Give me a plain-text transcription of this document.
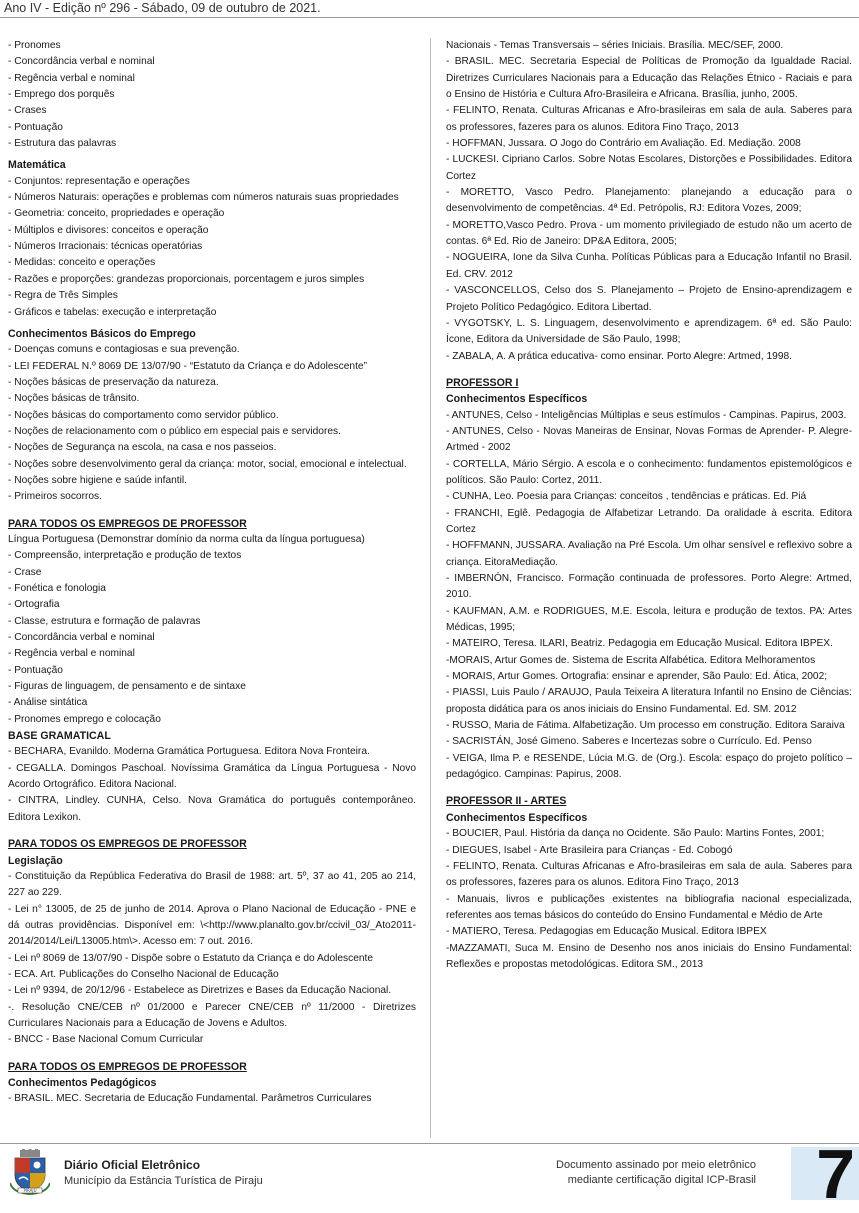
Ano IV - Edição nº 296 - Sábado, 09 de outubro de 2021.

- Pronomes

- Concordância verbal e nominal

- Regência verbal e nominal

- Emprego dos porquês

- Crases

- Pontuação

- Estrutura das palavras

Matemática

- Conjuntos: representação e operações

- Números Naturais: operações e problemas com números naturais suas propriedades

- Geometria: conceito, propriedades e operação

- Múltiplos e divisores: conceitos e operação

- Números Irracionais: técnicas operatórias

- Medidas: conceito e operações

- Razões e proporções: grandezas proporcionais, porcentagem e juros simples

- Regra de Três Simples

- Gráficos e tabelas: execução e interpretação

Conhecimentos Básicos do Emprego

- Doenças comuns e contagiosas e sua prevenção.

- LEI FEDERAL N.º 8069 DE 13/07/90 - “Estatuto da Criança e do Adolescente”

- Noções básicas de preservação da natureza.

- Noções básicas de trânsito.

- Noções básicas do comportamento como servidor público.

- Noções de relacionamento com o público em especial pais e servidores.

- Noções de Segurança na escola, na casa e nos passeios.

- Noções sobre desenvolvimento geral da criança: motor, social, emocional e intelectual.

- Noções sobre higiene e saúde infantil.

- Primeiros socorros.

PARA TODOS OS EMPREGOS DE PROFESSOR

Língua Portuguesa (Demonstrar domínio da norma culta da língua portuguesa)

- Compreensão, interpretação e produção de textos

- Crase

- Fonética e fonologia

- Ortografia

- Classe, estrutura e formação de palavras

- Concordância verbal e nominal

- Regência verbal e nominal

- Pontuação

- Figuras de linguagem, de pensamento e de sintaxe

- Análise sintática

- Pronomes emprego e colocação

BASE GRAMATICAL

- BECHARA, Evanildo. Moderna Gramática Portuguesa. Editora Nova Fronteira.

- CEGALLA. Domingos Paschoal. Novíssima Gramática da Língua Portuguesa - Novo Acordo Ortográfico. Editora Nacional.

- CINTRA, Lindley. CUNHA, Celso. Nova Gramática do português contemporâneo. Editora Lexikon.

PARA TODOS OS EMPREGOS DE PROFESSOR

Legislação

- Constituição da República Federativa do Brasil de 1988: art. 5º, 37 ao 41, 205 ao 214, 227 ao 229.

- Lei n° 13005, de 25 de junho de 2014. Aprova o Plano Nacional de Educação - PNE e dá outras providências. Disponível em: \<http://www.planalto.gov.br/ccivil_03/_Ato2011- 2014/2014/Lei/L13005.htm\>. Acesso em: 7 out. 2016.

- Lei nº 8069 de 13/07/90 - Dispõe sobre o Estatuto da Criança e do Adolescente

- ECA. Art. Publicações do Conselho Nacional de Educação

- Lei nº 9394, de 20/12/96 - Estabelece as Diretrizes e Bases da Educação Nacional.

-. Resolução CNE/CEB nº 01/2000 e Parecer CNE/CEB nº 11/2000 - Diretrizes Curriculares Nacionais para a Educação de Jovens e Adultos.

- BNCC - Base Nacional Comum Curricular

PARA TODOS OS EMPREGOS DE PROFESSOR

Conhecimentos Pedagógicos

- BRASIL. MEC. Secretaria de Educação Fundamental. Parâmetros Curriculares

Nacionais - Temas Transversais – séries Iniciais. Brasília. MEC/SEF, 2000.

- BRASIL. MEC. Secretaria Especial de Políticas de Promoção da Igualdade Racial. Diretrizes Curriculares Nacionais para a Educação das Relações Étnico - Raciais e para o Ensino de História e Cultura Afro-Brasileira e Africana. Brasília, junho, 2005.

- FELINTO, Renata. Culturas Africanas e Afro-brasileiras em sala de aula. Saberes para os professores, fazeres para os alunos. Editora Fino Traço, 2013

- HOFFMAN, Jussara. O Jogo do Contrário em Avaliação. Ed. Mediação. 2008

- LUCKESI. Cipriano Carlos. Sobre Notas Escolares, Distorções e Possibilidades. Editora Cortez

- MORETTO, Vasco Pedro. Planejamento: planejando a educação para o desenvolvimento de competências. 4ª Ed. Petrópolis, RJ: Editora Vozes, 2009;

- MORETTO,Vasco Pedro. Prova - um momento privilegiado de estudo não um acerto de contas. 6ª Ed. Rio de Janeiro: DP&A Editora, 2005;

- NOGUEIRA, Ione da Silva Cunha. Políticas Públicas para a Educação Infantil no Brasil. Ed. CRV. 2012

- VASCONCELLOS, Celso dos S. Planejamento – Projeto de Ensino-aprendizagem e Projeto Político Pedagógico. Editora Libertad.

- VYGOTSKY, L. S. Linguagem, desenvolvimento e aprendizagem. 6ª ed. São Paulo: Ícone, Editora da Universidade de São Paulo, 1998;

- ZABALA, A. A prática educativa- como ensinar. Porto Alegre: Artmed, 1998.

PROFESSOR I

Conhecimentos Específicos

- ANTUNES, Celso - Inteligências Múltiplas e seus estímulos - Campinas. Papirus, 2003.

- ANTUNES, Celso - Novas Maneiras de Ensinar, Novas Formas de Aprender- P. Alegre- Artmed - 2002

- CORTELLA, Mário Sérgio. A escola e o conhecimento: fundamentos epistemológicos e políticos. São Paulo: Cortez, 2011.

- CUNHA, Leo. Poesia para Crianças: conceitos , tendências e práticas. Ed. Piá

- FRANCHI, Eglê. Pedagogia de Alfabetizar Letrando. Da oralidade à escrita. Editora Cortez

- HOFFMANN, JUSSARA. Avaliação na Pré Escola. Um olhar sensível e reflexivo sobre a criança. EitoraMediação.

- IMBERNÓN, Francisco. Formação continuada de professores. Porto Alegre: Artmed, 2010.

- KAUFMAN, A.M. e RODRIGUES, M.E. Escola, leitura e produção de textos. PA: Artes Médicas, 1995;

- MATEIRO, Teresa. ILARI, Beatriz. Pedagogia em Educação Musical. Editora IBPEX.

-MORAIS, Artur Gomes de. Sistema de Escrita Alfabética. Editora Melhoramentos

- MORAIS, Artur Gomes. Ortografia: ensinar e aprender, São Paulo: Ed. Ática, 2002;

- PIASSI, Luis Paulo / ARAUJO, Paula Teixeira A literatura Infantil no Ensino de Ciências: proposta didática para os anos iniciais do Ensino Fundamental. Ed. SM. 2012

- RUSSO, Maria de Fátima. Alfabetização. Um processo em construção. Editora Saraiva

- SACRISTÁN, José Gimeno. Saberes e Incertezas sobre o Currículo. Ed. Penso

- VEIGA, Ilma P. e RESENDE, Lúcia M.G. de (Org.). Escola: espaço do projeto político – pedagógico. Campinas: Papirus, 2008.

PROFESSOR II - ARTES

Conhecimentos Específicos

- BOUCIER, Paul. História da dança no Ocidente. São Paulo: Martins Fontes, 2001;

- DIEGUES, Isabel - Arte Brasileira para Crianças - Ed. Cobogó

- FELINTO, Renata. Culturas Africanas e Afro-brasileiras em sala de aula. Saberes para os professores, fazeres para os alunos. Editora Fino Traço, 2013

- Manuais, livros e publicações existentes na bibliografia nacional especializada, referentes aos temas básicos do conteúdo do Ensino Fundamental e Médio de Arte

- MATIERO, Teresa. Pedagogias em Educação Musical. Editora IBPEX

-MAZZAMATI, Suca M. Ensino de Desenho nos anos iniciais do Ensino Fundamental: Reflexões e propostas metodológicas. Editora SM., 2013

PIRAJU
Diário Oficial Eletrônico
Município da Estância Turística de Piraju
Documento assinado por meio eletrônico
mediante certificação digital ICP-Brasil 7
